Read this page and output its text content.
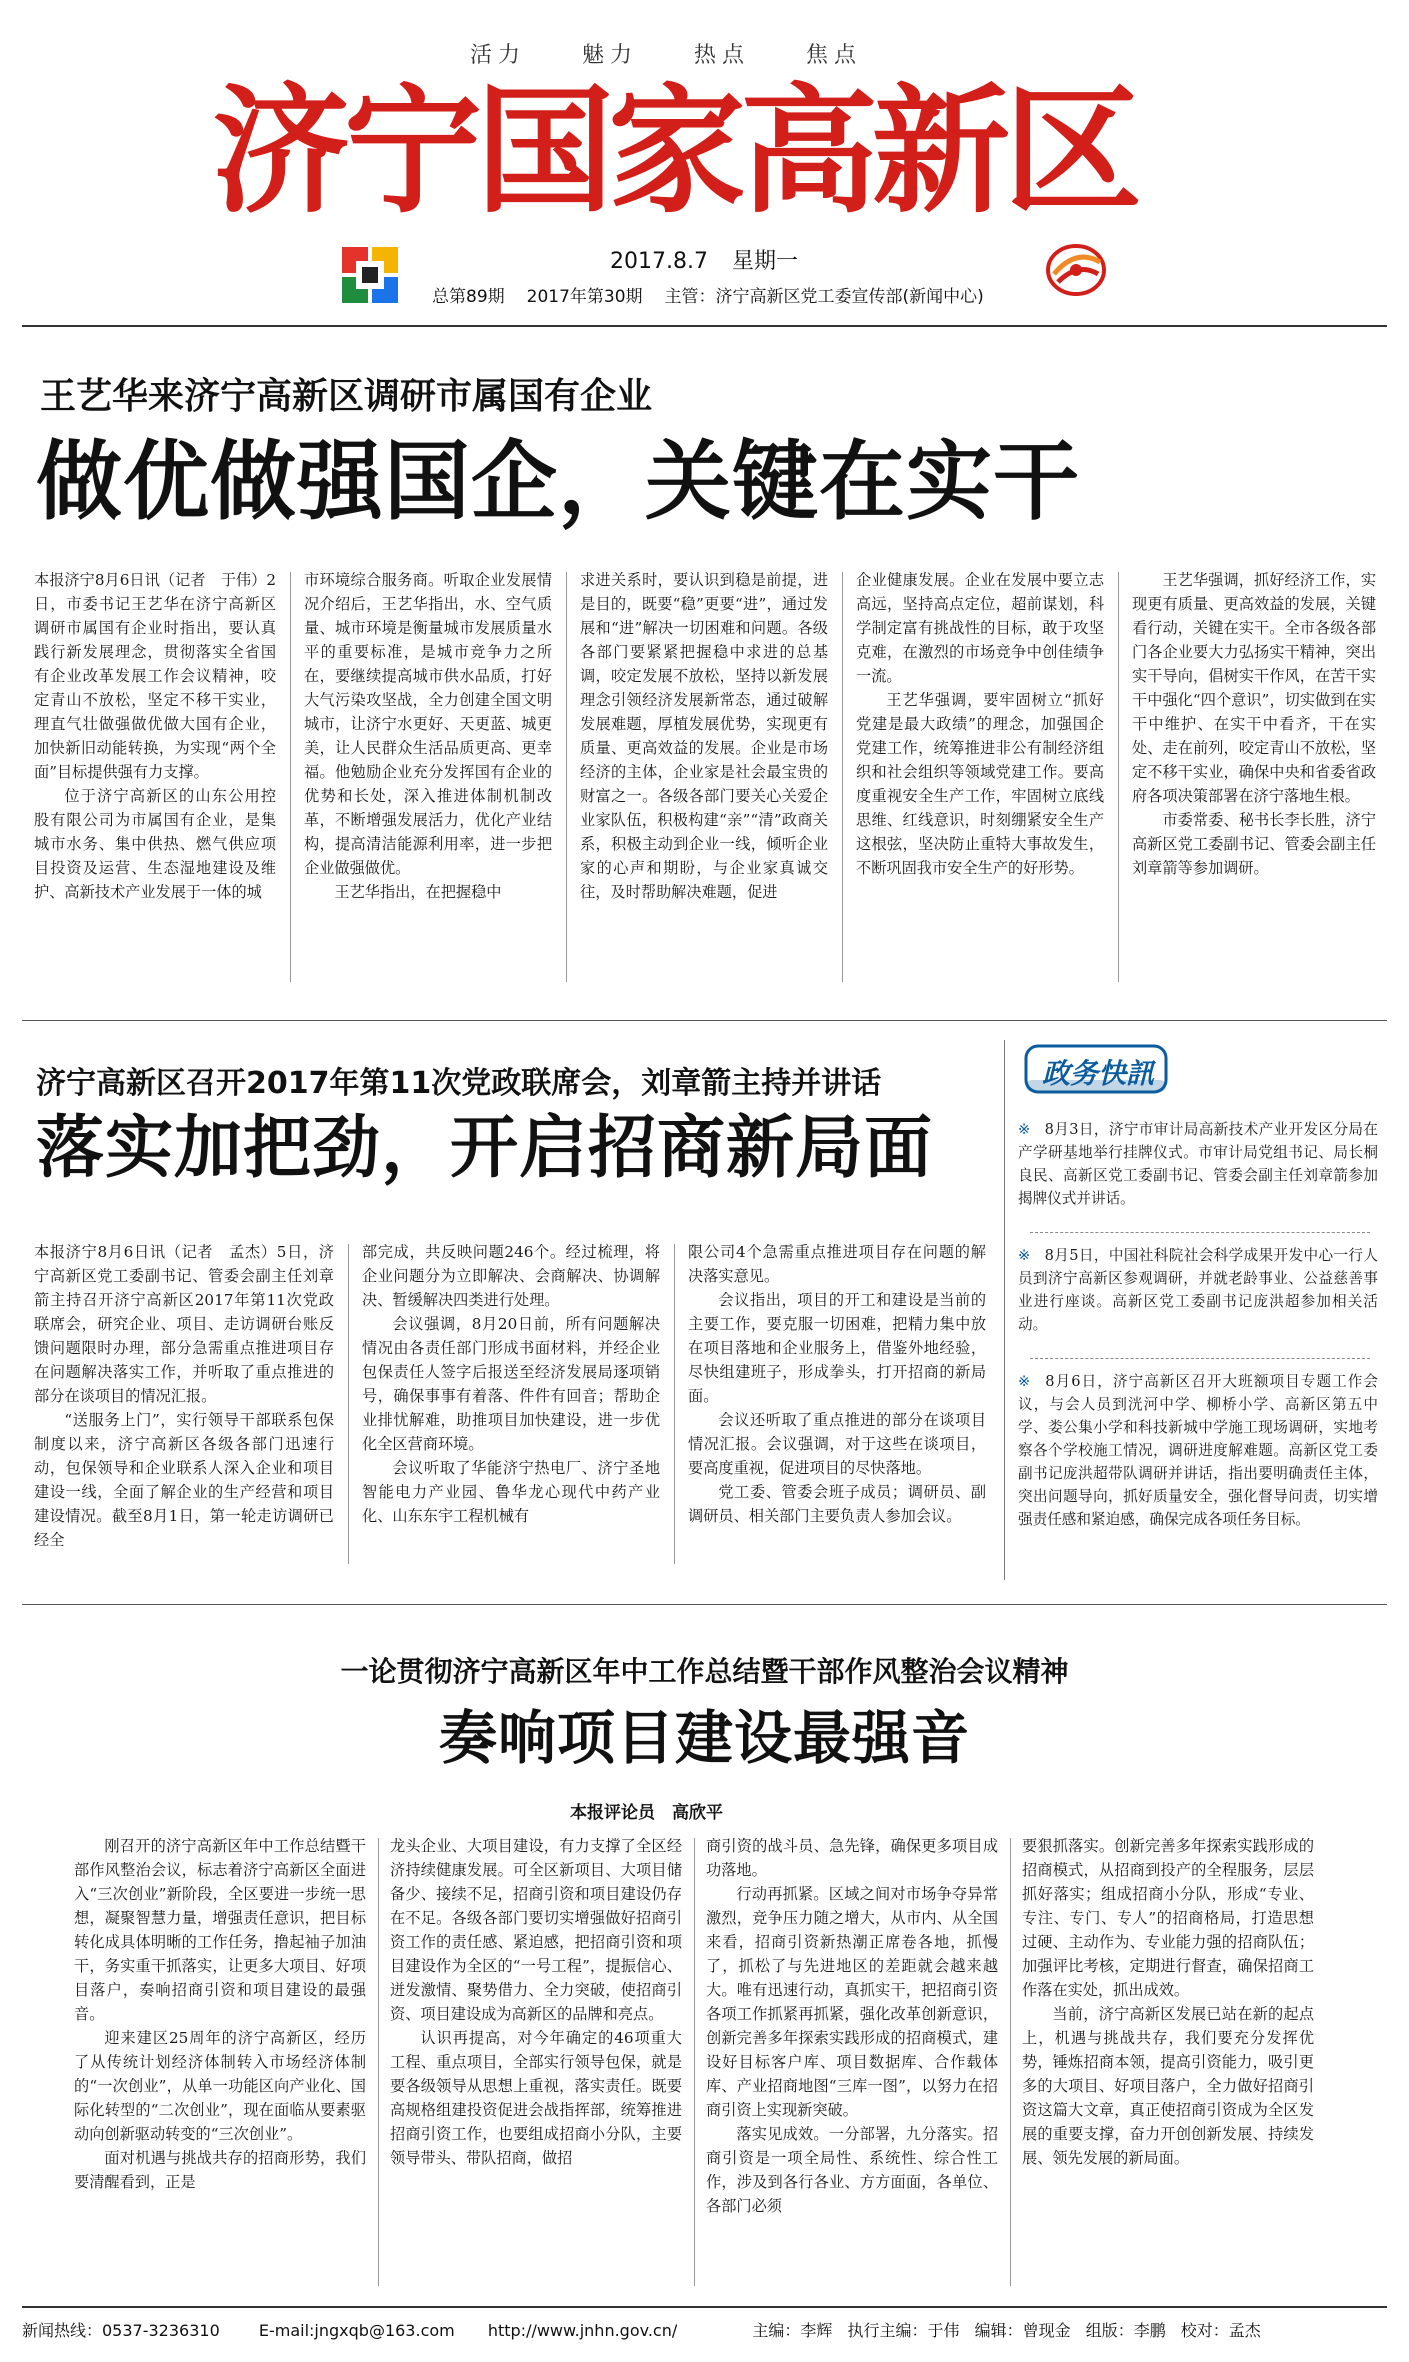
活力	魅力	热点	焦点
济宁国家高新区
2017.8.7 星期一
总第89期 2017年第30期 主管：济宁高新区党工委宣传部(新闻中心)
王艺华来济宁高新区调研市属国有企业
做优做强国企，关键在实干

本报济宁8月6日讯（记者　于伟）2日，市委书记王艺华在济宁高新区调研市属国有企业时指出，要认真践行新发展理念，贯彻落实全省国有企业改革发展工作会议精神，咬定青山不放松，坚定不移干实业，理直气壮做强做优做大国有企业，加快新旧动能转换，为实现“两个全面”目标提供强有力支撑。

位于济宁高新区的山东公用控股有限公司为市属国有企业，是集城市水务、集中供热、燃气供应项目投资及运营、生态湿地建设及维护、高新技术产业发展于一体的城

市环境综合服务商。听取企业发展情况介绍后，王艺华指出，水、空气质量、城市环境是衡量城市发展质量水平的重要标准，是城市竞争力之所在，要继续提高城市供水品质，打好大气污染攻坚战，全力创建全国文明城市，让济宁水更好、天更蓝、城更美，让人民群众生活品质更高、更幸福。他勉励企业充分发挥国有企业的优势和长处，深入推进体制机制改革，不断增强发展活力，优化产业结构，提高清洁能源利用率，进一步把企业做强做优。

王艺华指出，在把握稳中

求进关系时，要认识到稳是前提，进是目的，既要“稳”更要“进”，通过发展和“进”解决一切困难和问题。各级各部门要紧紧把握稳中求进的总基调，咬定发展不放松，坚持以新发展理念引领经济发展新常态，通过破解发展难题，厚植发展优势，实现更有质量、更高效益的发展。企业是市场经济的主体，企业家是社会最宝贵的财富之一。各级各部门要关心关爱企业家队伍，积极构建“亲”“清”政商关系，积极主动到企业一线，倾听企业家的心声和期盼，与企业家真诚交往，及时帮助解决难题，促进

企业健康发展。企业在发展中要立志高远，坚持高点定位，超前谋划，科学制定富有挑战性的目标，敢于攻坚克难，在激烈的市场竞争中创佳绩争一流。

王艺华强调，要牢固树立“抓好党建是最大政绩”的理念，加强国企党建工作，统筹推进非公有制经济组织和社会组织等领域党建工作。要高度重视安全生产工作，牢固树立底线思维、红线意识，时刻绷紧安全生产这根弦，坚决防止重特大事故发生，不断巩固我市安全生产的好形势。

王艺华强调，抓好经济工作，实现更有质量、更高效益的发展，关键看行动，关键在实干。全市各级各部门各企业要大力弘扬实干精神，突出实干导向，倡树实干作风，在苦干实干中强化“四个意识”，切实做到在实干中维护、在实干中看齐，干在实处、走在前列，咬定青山不放松，坚定不移干实业，确保中央和省委省政府各项决策部署在济宁落地生根。

市委常委、秘书长李长胜，济宁高新区党工委副书记、管委会副主任刘章箭等参加调研。

济宁高新区召开2017年第11次党政联席会，刘章箭主持并讲话
落实加把劲，开启招商新局面

本报济宁8月6日讯（记者　孟杰）5日，济宁高新区党工委副书记、管委会副主任刘章箭主持召开济宁高新区2017年第11次党政联席会，研究企业、项目、走访调研台账反馈问题限时办理，部分急需重点推进项目存在问题解决落实工作，并听取了重点推进的部分在谈项目的情况汇报。

“送服务上门”，实行领导干部联系包保制度以来，济宁高新区各级各部门迅速行动，包保领导和企业联系人深入企业和项目建设一线，全面了解企业的生产经营和项目建设情况。截至8月1日，第一轮走访调研已经全

部完成，共反映问题246个。经过梳理，将企业问题分为立即解决、会商解决、协调解决、暂缓解决四类进行处理。

会议强调，8月20日前，所有问题解决情况由各责任部门形成书面材料，并经企业包保责任人签字后报送至经济发展局逐项销号，确保事事有着落、件件有回音；帮助企业排忧解难，助推项目加快建设，进一步优化全区营商环境。

会议听取了华能济宁热电厂、济宁圣地智能电力产业园、鲁华龙心现代中药产业化、山东东宇工程机械有

限公司4个急需重点推进项目存在问题的解决落实意见。

会议指出，项目的开工和建设是当前的主要工作，要克服一切困难，把精力集中放在项目落地和企业服务上，借鉴外地经验，尽快组建班子，形成拳头，打开招商的新局面。

会议还听取了重点推进的部分在谈项目情况汇报。会议强调，对于这些在谈项目，要高度重视，促进项目的尽快落地。

党工委、管委会班子成员；调研员、副调研员、相关部门主要负责人参加会议。

政务快訊
※ 8月3日，济宁市审计局高新技术产业开发区分局在产学研基地举行挂牌仪式。市审计局党组书记、局长桐良民、高新区党工委副书记、管委会副主任刘章箭参加揭牌仪式并讲话。
※ 8月5日，中国社科院社会科学成果开发中心一行人员到济宁高新区参观调研，并就老龄事业、公益慈善事业进行座谈。高新区党工委副书记庞洪超参加相关活动。
※ 8月6日，济宁高新区召开大班额项目专题工作会议，与会人员到洸河中学、柳桥小学、高新区第五中学、娄公集小学和科技新城中学施工现场调研，实地考察各个学校施工情况，调研进度解难题。高新区党工委副书记庞洪超带队调研并讲话，指出要明确责任主体，突出问题导向，抓好质量安全，强化督导问责，切实增强责任感和紧迫感，确保完成各项任务目标。
一论贯彻济宁高新区年中工作总结暨干部作风整治会议精神
奏响项目建设最强音
本报评论员　高欣平

刚召开的济宁高新区年中工作总结暨干部作风整治会议，标志着济宁高新区全面进入“三次创业”新阶段，全区要进一步统一思想，凝聚智慧力量，增强责任意识，把目标转化成具体明晰的工作任务，撸起袖子加油干，务实重干抓落实，让更多大项目、好项目落户，奏响招商引资和项目建设的最强音。

迎来建区25周年的济宁高新区，经历了从传统计划经济体制转入市场经济体制的“一次创业”，从单一功能区向产业化、国际化转型的“二次创业”，现在面临从要素驱动向创新驱动转变的“三次创业”。

面对机遇与挑战共存的招商形势，我们要清醒看到，正是

龙头企业、大项目建设，有力支撑了全区经济持续健康发展。可全区新项目、大项目储备少、接续不足，招商引资和项目建设仍存在不足。各级各部门要切实增强做好招商引资工作的责任感、紧迫感，把招商引资和项目建设作为全区的“一号工程”，提振信心、迸发激情、聚势借力、全力突破，使招商引资、项目建设成为高新区的品牌和亮点。

认识再提高，对今年确定的46项重大工程、重点项目，全部实行领导包保，就是要各级领导从思想上重视，落实责任。既要高规格组建投资促进会战指挥部，统筹推进招商引资工作，也要组成招商小分队，主要领导带头、带队招商，做招

商引资的战斗员、急先锋，确保更多项目成功落地。

行动再抓紧。区域之间对市场争夺异常激烈，竞争压力随之增大，从市内、从全国来看，招商引资新热潮正席卷各地，抓慢了，抓松了与先进地区的差距就会越来越大。唯有迅速行动，真抓实干，把招商引资各项工作抓紧再抓紧，强化改革创新意识，创新完善多年探索实践形成的招商模式，建设好目标客户库、项目数据库、合作载体库、产业招商地图“三库一图”，以努力在招商引资上实现新突破。

落实见成效。一分部署，九分落实。招商引资是一项全局性、系统性、综合性工作，涉及到各行各业、方方面面，各单位、各部门必须

要狠抓落实。创新完善多年探索实践形成的招商模式，从招商到投产的全程服务，层层抓好落实；组成招商小分队，形成“专业、专注、专门、专人”的招商格局，打造思想过硬、主动作为、专业能力强的招商队伍；加强评比考核，定期进行督查，确保招商工作落在实处，抓出成效。

当前，济宁高新区发展已站在新的起点上，机遇与挑战共存，我们要充分发挥优势，锤炼招商本领，提高引资能力，吸引更多的大项目、好项目落户，全力做好招商引资这篇大文章，真正使招商引资成为全区发展的重要支撑，奋力开创创新发展、持续发展、领先发展的新局面。

新闻热线：0537-3236310 E-mail:jngxqb@163.com http://www.jnhn.gov.cn/	主编：李辉 执行主编：于伟 编辑：曾现金 组版：李鹏 校对：孟杰
